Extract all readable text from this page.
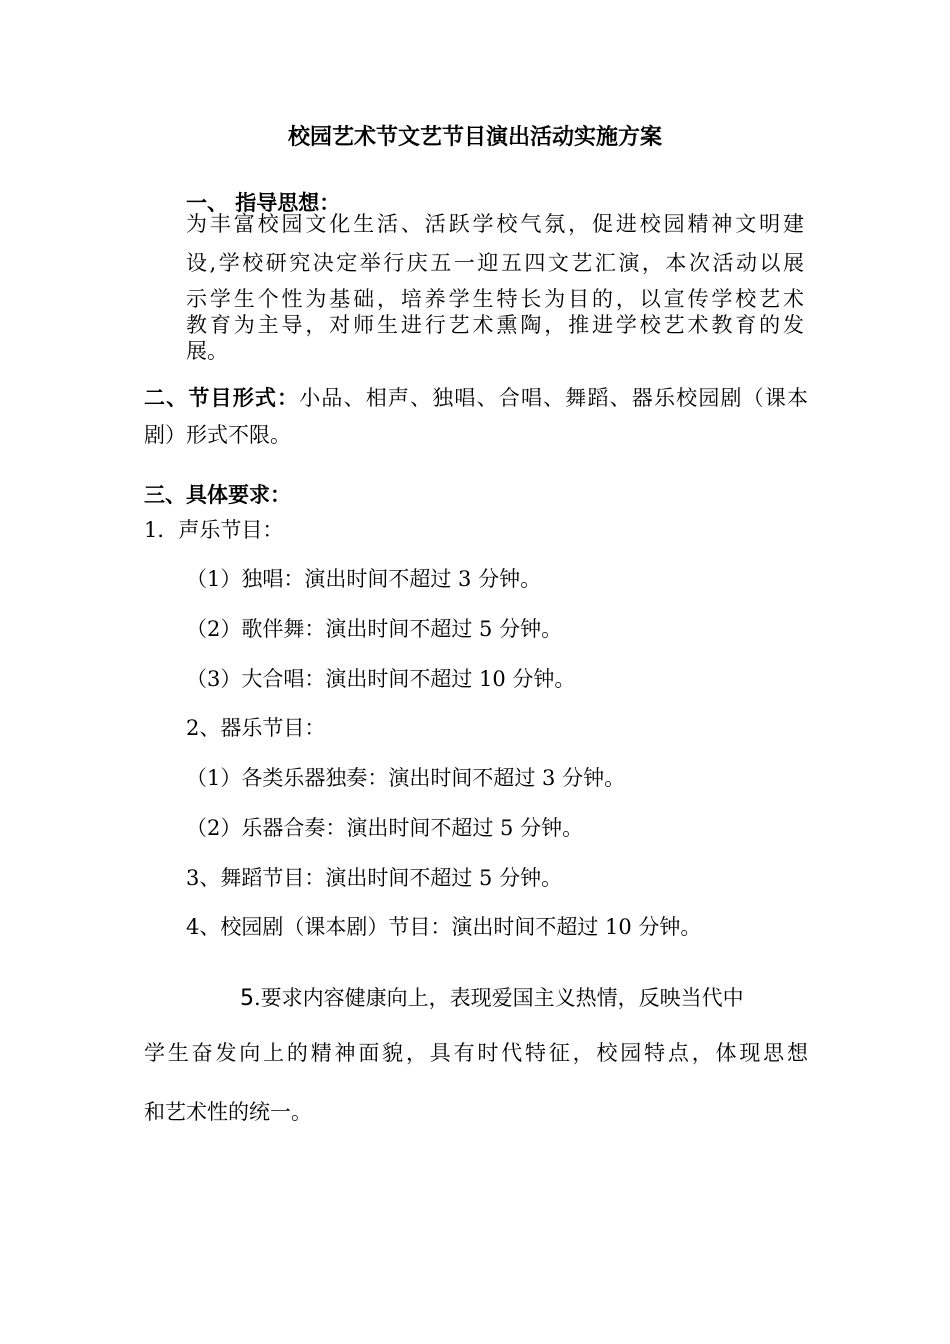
校园艺术节文艺节目演出活动实施方案
一、 指导思想：
为丰富校园文化生活、活跃学校气氛，促进校园精神文明建
设,学校研究决定举行庆五一迎五四文艺汇演，本次活动以展
示学生个性为基础，培养学生特长为目的，以宣传学校艺术
教育为主导，对师生进行艺术熏陶，推进学校艺术教育的发
展。
二、节目形式：小品、相声、独唱、合唱、舞蹈、器乐校园剧（课本
剧）形式不限。
三、具体要求：
1．声乐节目：
（1）独唱：演出时间不超过 3 分钟。
（2）歌伴舞：演出时间不超过 5 分钟。
（3）大合唱：演出时间不超过 10 分钟。
2、器乐节目：
（1）各类乐器独奏：演出时间不超过 3 分钟。
（2）乐器合奏：演出时间不超过 5 分钟。
3、舞蹈节目：演出时间不超过 5 分钟。
4、校园剧（课本剧）节目：演出时间不超过 10 分钟。
5.要求内容健康向上，表现爱国主义热情，反映当代中
学生奋发向上的精神面貌，具有时代特征，校园特点，体现思想
和艺术性的统一。
